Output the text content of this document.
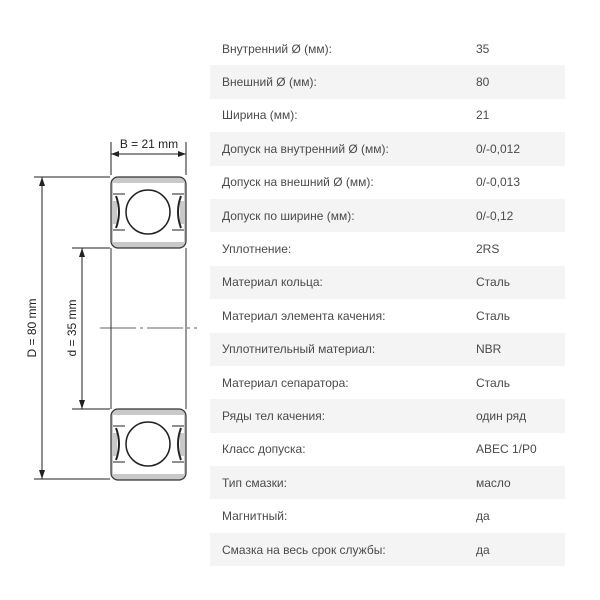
B = 21 mm
D = 80 mm d = 35 mm
Внутренний Ø (мм):	35
Внешний Ø (мм):	80
Ширина (мм):	21
Допуск на внутренний Ø (мм):	0/-0,012
Допуск на внешний Ø (мм):	0/-0,013
Допуск по ширине (мм):	0/-0,12
Уплотнение:	2RS
Материал кольца:	Сталь
Материал элемента качения:	Сталь
Уплотнительный материал:	NBR
Материал сепаратора:	Сталь
Ряды тел качения:	один ряд
Класс допуска:	ABEC 1/P0
Тип смазки:	масло
Магнитный:	да
Смазка на весь срок службы:	да
